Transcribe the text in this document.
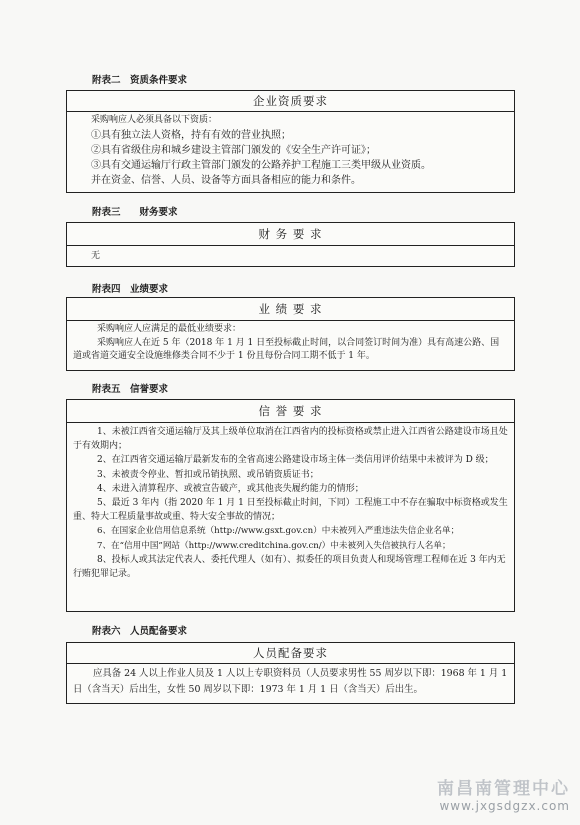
附表二　资质条件要求
企业资质要求

采购响应人必须具备以下资质：

①具有独立法人资格，持有有效的营业执照；

②具有省级住房和城乡建设主管部门颁发的《安全生产许可证》；

③具有交通运输厅行政主管部门颁发的公路养护工程施工三类甲级从业资质。

并在资金、信誉、人员、设备等方面具备相应的能力和条件。

附表三　　财务要求
财 务 要 求

无

附表四　业绩要求
业 绩 要 求

采购响应人应满足的最低业绩要求：

采购响应人在近 5 年（2018 年 1 月 1 日至投标截止时间，以合同签订时间为准）具有高速公路、国道或省道交通安全设施维修类合同不少于 1 份且每份合同工期不低于 1 年。

附表五　信誉要求
信 誉 要 求

1、未被江西省交通运输厅及其上级单位取消在江西省内的投标资格或禁止进入江西省公路建设市场且处于有效期内；

2、在江西省交通运输厅最新发布的全省高速公路建设市场主体一类信用评价结果中未被评为 D 级；

3、未被责令停业、暂扣或吊销执照、或吊销资质证书；

4、未进入清算程序、或被宣告破产，或其他丧失履约能力的情形；

5、最近 3 年内（指 2020 年 1 月 1 日至投标截止时间，下同）工程施工中不存在骗取中标资格或发生重、特大工程质量事故或重、特大安全事故的情况；

6、在国家企业信用信息系统（http://www.gsxt.gov.cn）中未被列入严重违法失信企业名单；

7、在“信用中国”网站（http://www.creditchina.gov.cn/）中未被列入失信被执行人名单；

8、投标人或其法定代表人、委托代理人（如有）、拟委任的项目负责人和现场管理工程师在近 3 年内无行贿犯罪记录。

附表六　人员配备要求
人员配备要求

应具备 24 人以上作业人员及 1 人以上专职资料员（人员要求男性 55 周岁以下即：1968 年 1 月 1 日（含当天）后出生，女性 50 周岁以下即：1973 年 1 月 1 日（含当天）后出生。

南昌南管理中心
www.jxgsdgzx.com
